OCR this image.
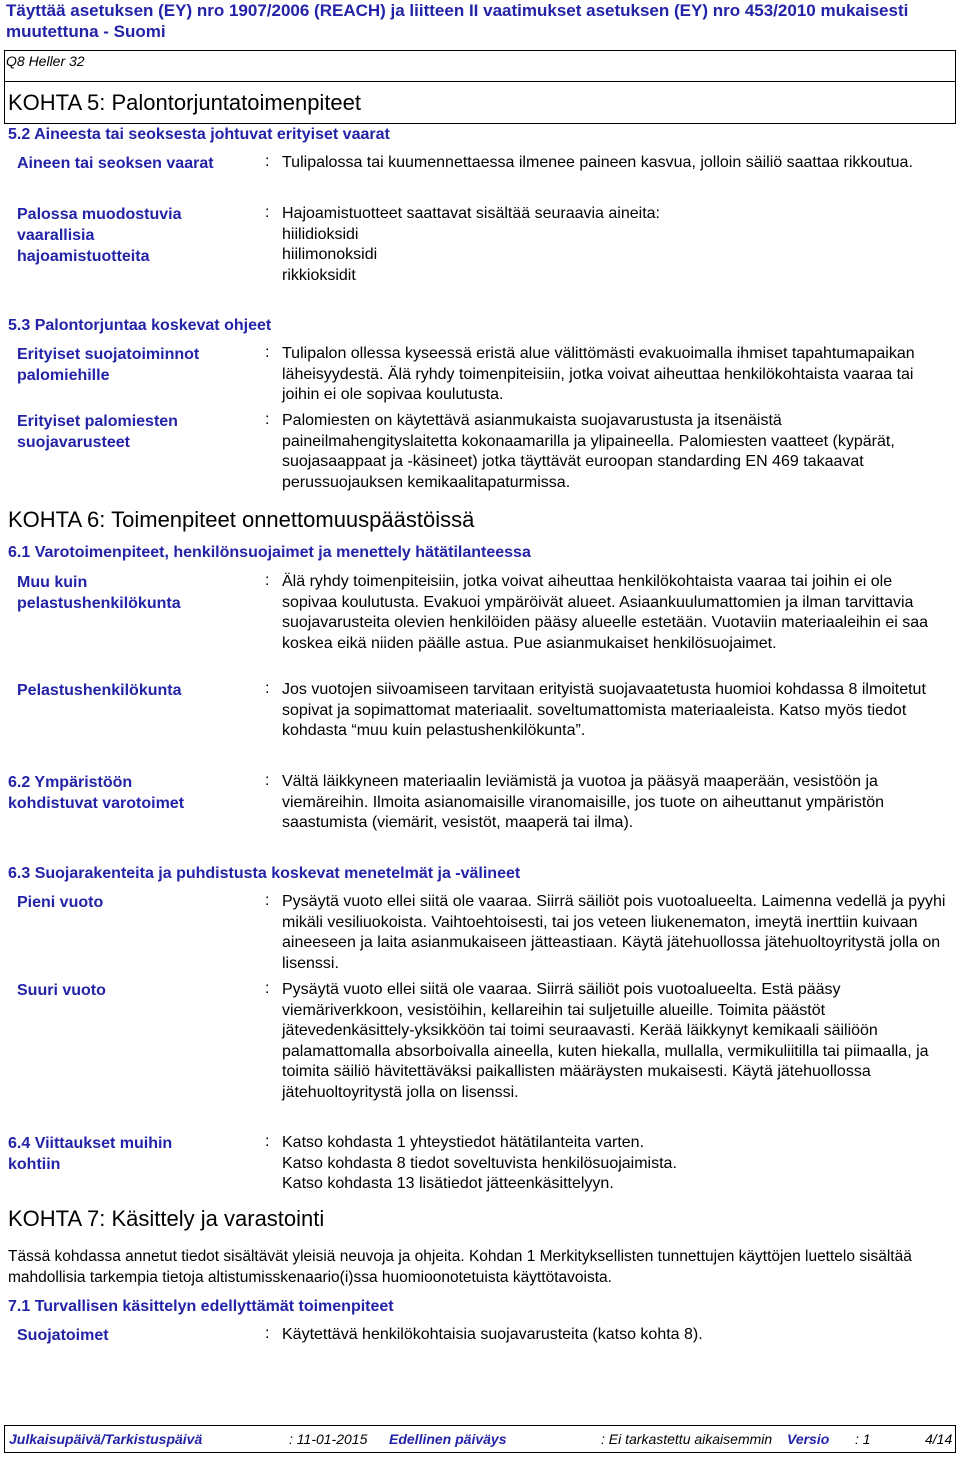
Täyttää asetuksen (EY) nro 1907/2006 (REACH) ja liitteen II vaatimukset asetuksen (EY) nro 453/2010 mukaisesti muutettuna - Suomi
Q8 Heller 32
KOHTA 5: Palontorjuntatoimenpiteet
5.2 Aineesta tai seoksesta johtuvat erityiset vaarat
Aineen tai seoksen vaarat	: Tulipalossa tai kuumennettaessa ilmenee paineen kasvua, jolloin säiliö saattaa rikkoutua.
Palossa muodostuvia
vaarallisia
hajoamistuotteita
: Hajoamistuotteet saattavat sisältää seuraavia aineita:
hiilidioksidi
hiilimonoksidi
rikkioksidit
5.3 Palontorjuntaa koskevat ohjeet
Erityiset suojatoiminnot
palomiehille
: Tulipalon ollessa kyseessä eristä alue välittömästi evakuoimalla ihmiset tapahtumapaikan läheisyydestä. Älä ryhdy toimenpiteisiin, jotka voivat aiheuttaa henkilökohtaista vaaraa tai joihin ei ole sopivaa koulutusta.
Erityiset palomiesten
suojavarusteet
: Palomiesten on käytettävä asianmukaista suojavarustusta ja itsenäistä paineilmahengityslaitetta kokonaamarilla ja ylipaineella. Palomiesten vaatteet (kypärät, suojasaappaat ja -käsineet) jotka täyttävät euroopan standarding EN 469 takaavat perussuojauksen kemikaalitapaturmissa.
KOHTA 6: Toimenpiteet onnettomuuspäästöissä
6.1 Varotoimenpiteet, henkilönsuojaimet ja menettely hätätilanteessa
Muu kuin
pelastushenkilökunta
: Älä ryhdy toimenpiteisiin, jotka voivat aiheuttaa henkilökohtaista vaaraa tai joihin ei ole sopivaa koulutusta. Evakuoi ympäröivät alueet. Asiaankuulumattomien ja ilman tarvittavia suojavarusteita olevien henkilöiden pääsy alueelle estetään. Vuotaviin materiaaleihin ei saa koskea eikä niiden päälle astua. Pue asianmukaiset henkilösuojaimet.
Pelastushenkilökunta	: Jos vuotojen siivoamiseen tarvitaan erityistä suojavaatetusta huomioi kohdassa 8 ilmoitetut sopivat ja sopimattomat materiaalit. soveltumattomista materiaaleista. Katso myös tiedot kohdasta “muu kuin pelastushenkilökunta”.
6.2 Ympäristöön
kohdistuvat varotoimet
: Vältä läikkyneen materiaalin leviämistä ja vuotoa ja pääsyä maaperään, vesistöön ja viemäreihin. Ilmoita asianomaisille viranomaisille, jos tuote on aiheuttanut ympäristön saastumista (viemärit, vesistöt, maaperä tai ilma).
6.3 Suojarakenteita ja puhdistusta koskevat menetelmät ja -välineet
Pieni vuoto	: Pysäytä vuoto ellei siitä ole vaaraa. Siirrä säiliöt pois vuotoalueelta. Laimenna vedellä ja pyyhi mikäli vesiliuokoista. Vaihtoehtoisesti, tai jos veteen liukenematon, imeytä inerttiin kuivaan aineeseen ja laita asianmukaiseen jätteastiaan. Käytä jätehuollossa jätehuoltoyritystä jolla on lisenssi.
Suuri vuoto	: Pysäytä vuoto ellei siitä ole vaaraa. Siirrä säiliöt pois vuotoalueelta. Estä pääsy viemäriverkkoon, vesistöihin, kellareihin tai suljetuille alueille. Toimita päästöt jätevedenkäsittely-yksikköön tai toimi seuraavasti. Kerää läikkynyt kemikaali säiliöön palamattomalla absorboivalla aineella, kuten hiekalla, mullalla, vermikuliitilla tai piimaalla, ja toimita säiliö hävitettäväksi paikallisten määräysten mukaisesti. Käytä jätehuollossa jätehuoltoyritystä jolla on lisenssi.
6.4 Viittaukset muihin
kohtiin
: Katso kohdasta 1 yhteystiedot hätätilanteita varten.
Katso kohdasta 8 tiedot soveltuvista henkilösuojaimista.
Katso kohdasta 13 lisätiedot jätteenkäsittelyyn.
KOHTA 7: Käsittely ja varastointi
Tässä kohdassa annetut tiedot sisältävät yleisiä neuvoja ja ohjeita. Kohdan 1 Merkityksellisten tunnettujen käyttöjen luettelo sisältää mahdollisia tarkempia tietoja altistumisskenaario(i)ssa huomioonotetuista käyttötavoista.
7.1 Turvallisen käsittelyn edellyttämät toimenpiteet
Suojatoimet	: Käytettävä henkilökohtaisia suojavarusteita (katso kohta 8).
Julkaisupäivä/Tarkistuspäivä	: 11-01-2015 Edellinen päiväys	: Ei tarkastettu aikaisemmin Versio : 1	4/14
